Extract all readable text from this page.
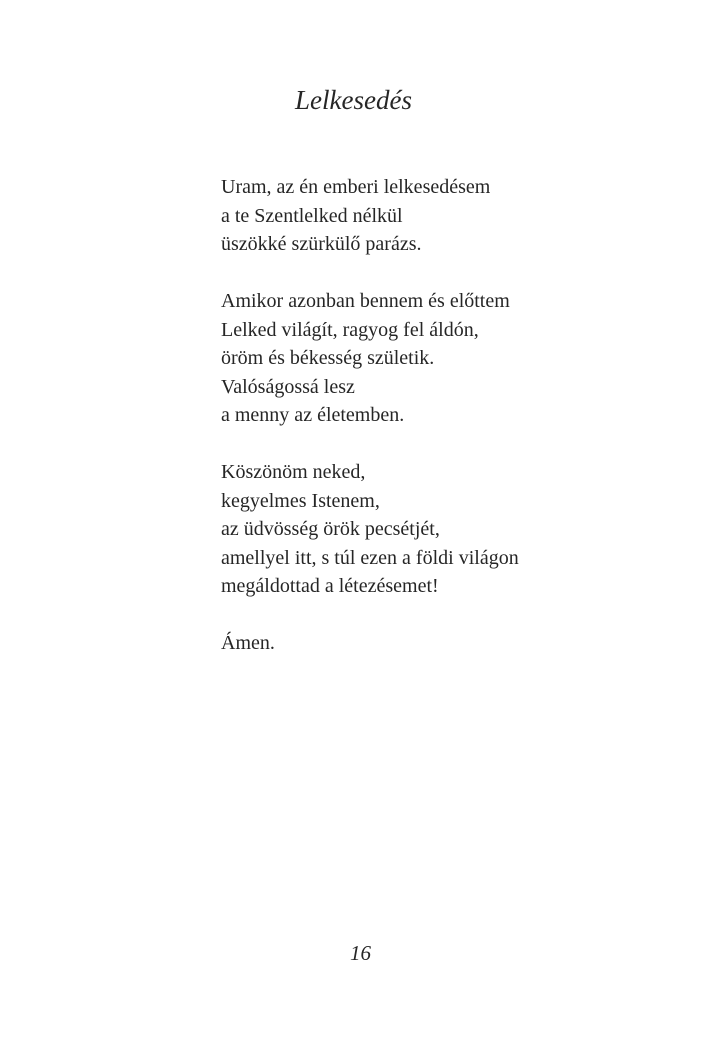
Lelkesedés
Uram, az én emberi lelkesedésem
a te Szentlelked nélkül
üszökké szürkülő parázs.
Amikor azonban bennem és előttem
Lelked világít, ragyog fel áldón,
öröm és békesség születik.
Valóságossá lesz
a menny az életemben.
Köszönöm neked,
kegyelmes Istenem,
az üdvösség örök pecsétjét,
amellyel itt, s túl ezen a földi világon
megáldottad a létezésemet!
Ámen.
16
